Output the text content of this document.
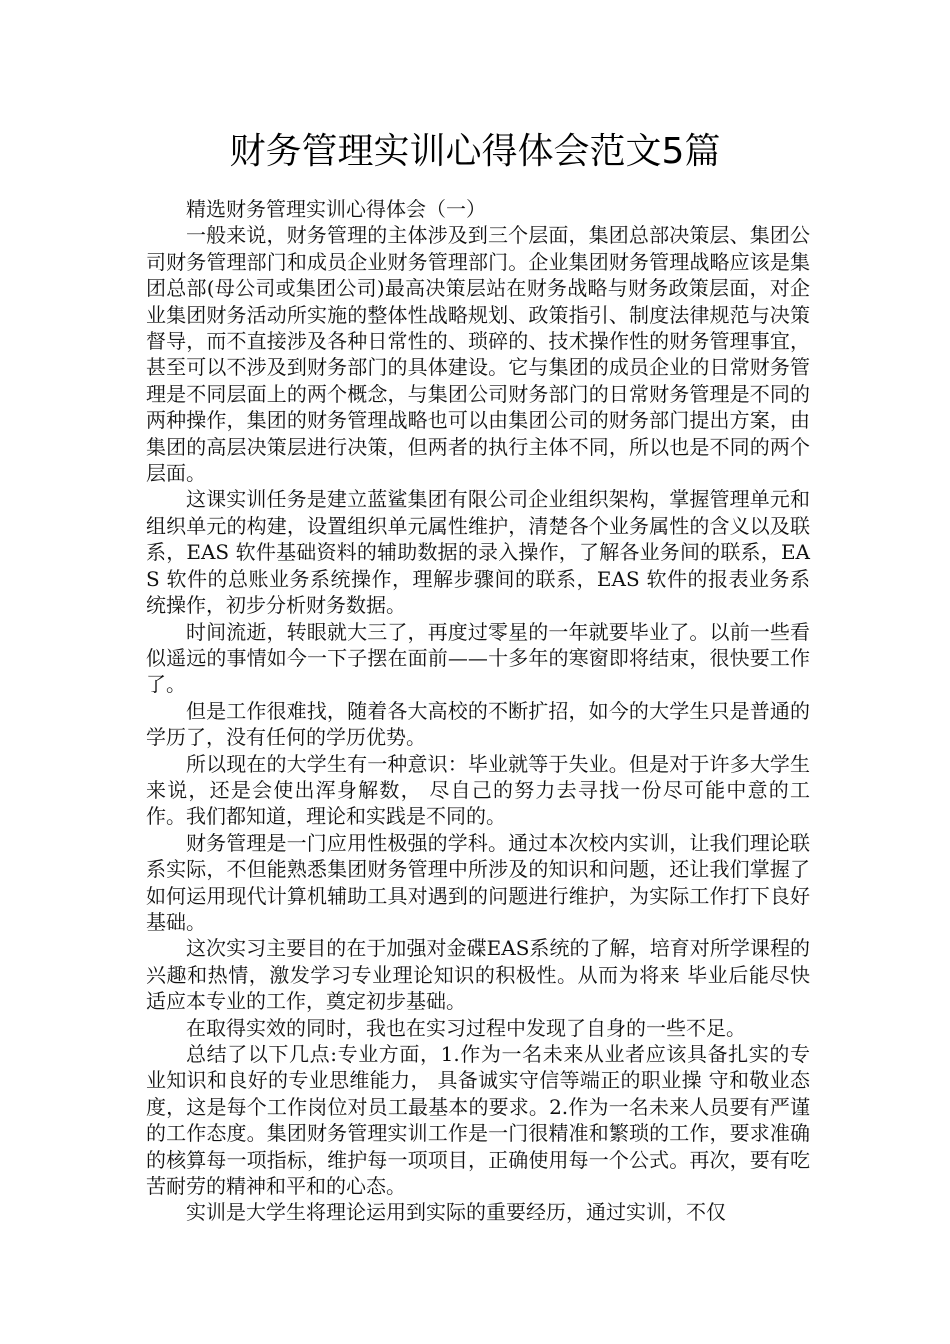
财务管理实训心得体会范文5篇

精选财务管理实训心得体会（一）

一般来说，财务管理的主体涉及到三个层面，集团总部决策层、集团公司财务管理部门和成员企业财务管理部门。企业集团财务管理战略应该是集团总部(母公司或集团公司)最高决策层站在财务战略与财务政策层面，对企业集团财务活动所实施的整体性战略规划、政策指引、制度法律规范与决策督导，而不直接涉及各种日常性的、琐碎的、技术操作性的财务管理事宜，甚至可以不涉及到财务部门的具体建设。它与集团的成员企业的日常财务管理是不同层面上的两个概念，与集团公司财务部门的日常财务管理是不同的两种操作，集团的财务管理战略也可以由集团公司的财务部门提出方案，由集团的高层决策层进行决策，但两者的执行主体不同，所以也是不同的两个层面。

这课实训任务是建立蓝鲨集团有限公司企业组织架构，掌握管理单元和组织单元的构建，设置组织单元属性维护，清楚各个业务属性的含义以及联系，EAS 软件基础资料的辅助数据的录入操作，了解各业务间的联系，EAS 软件的总账业务系统操作，理解步骤间的联系，EAS 软件的报表业务系统操作，初步分析财务数据。

时间流逝，转眼就大三了，再度过零星的一年就要毕业了。以前一些看似遥远的事情如今一下子摆在面前——十多年的寒窗即将结束，很快要工作了。

但是工作很难找，随着各大高校的不断扩招，如今的大学生只是普通的学历了，没有任何的学历优势。

所以现在的大学生有一种意识：毕业就等于失业。但是对于许多大学生来说，还是会使出浑身解数， 尽自己的努力去寻找一份尽可能中意的工作。我们都知道，理论和实践是不同的。

财务管理是一门应用性极强的学科。通过本次校内实训，让我们理论联系实际，不但能熟悉集团财务管理中所涉及的知识和问题，还让我们掌握了如何运用现代计算机辅助工具对遇到的问题进行维护，为实际工作打下良好基础。

这次实习主要目的在于加强对金碟EAS系统的了解，培育对所学课程的兴趣和热情，激发学习专业理论知识的积极性。从而为将来 毕业后能尽快适应本专业的工作，奠定初步基础。

在取得实效的同时，我也在实习过程中发现了自身的一些不足。

总结了以下几点:专业方面，1.作为一名未来从业者应该具备扎实的专业知识和良好的专业思维能力， 具备诚实守信等端正的职业操 守和敬业态度，这是每个工作岗位对员工最基本的要求。2.作为一名未来人员要有严谨的工作态度。集团财务管理实训工作是一门很精准和繁琐的工作，要求准确的核算每一项指标，维护每一项项目，正确使用每一个公式。再次，要有吃苦耐劳的精神和平和的心态。

实训是大学生将理论运用到实际的重要经历，通过实训，不仅
